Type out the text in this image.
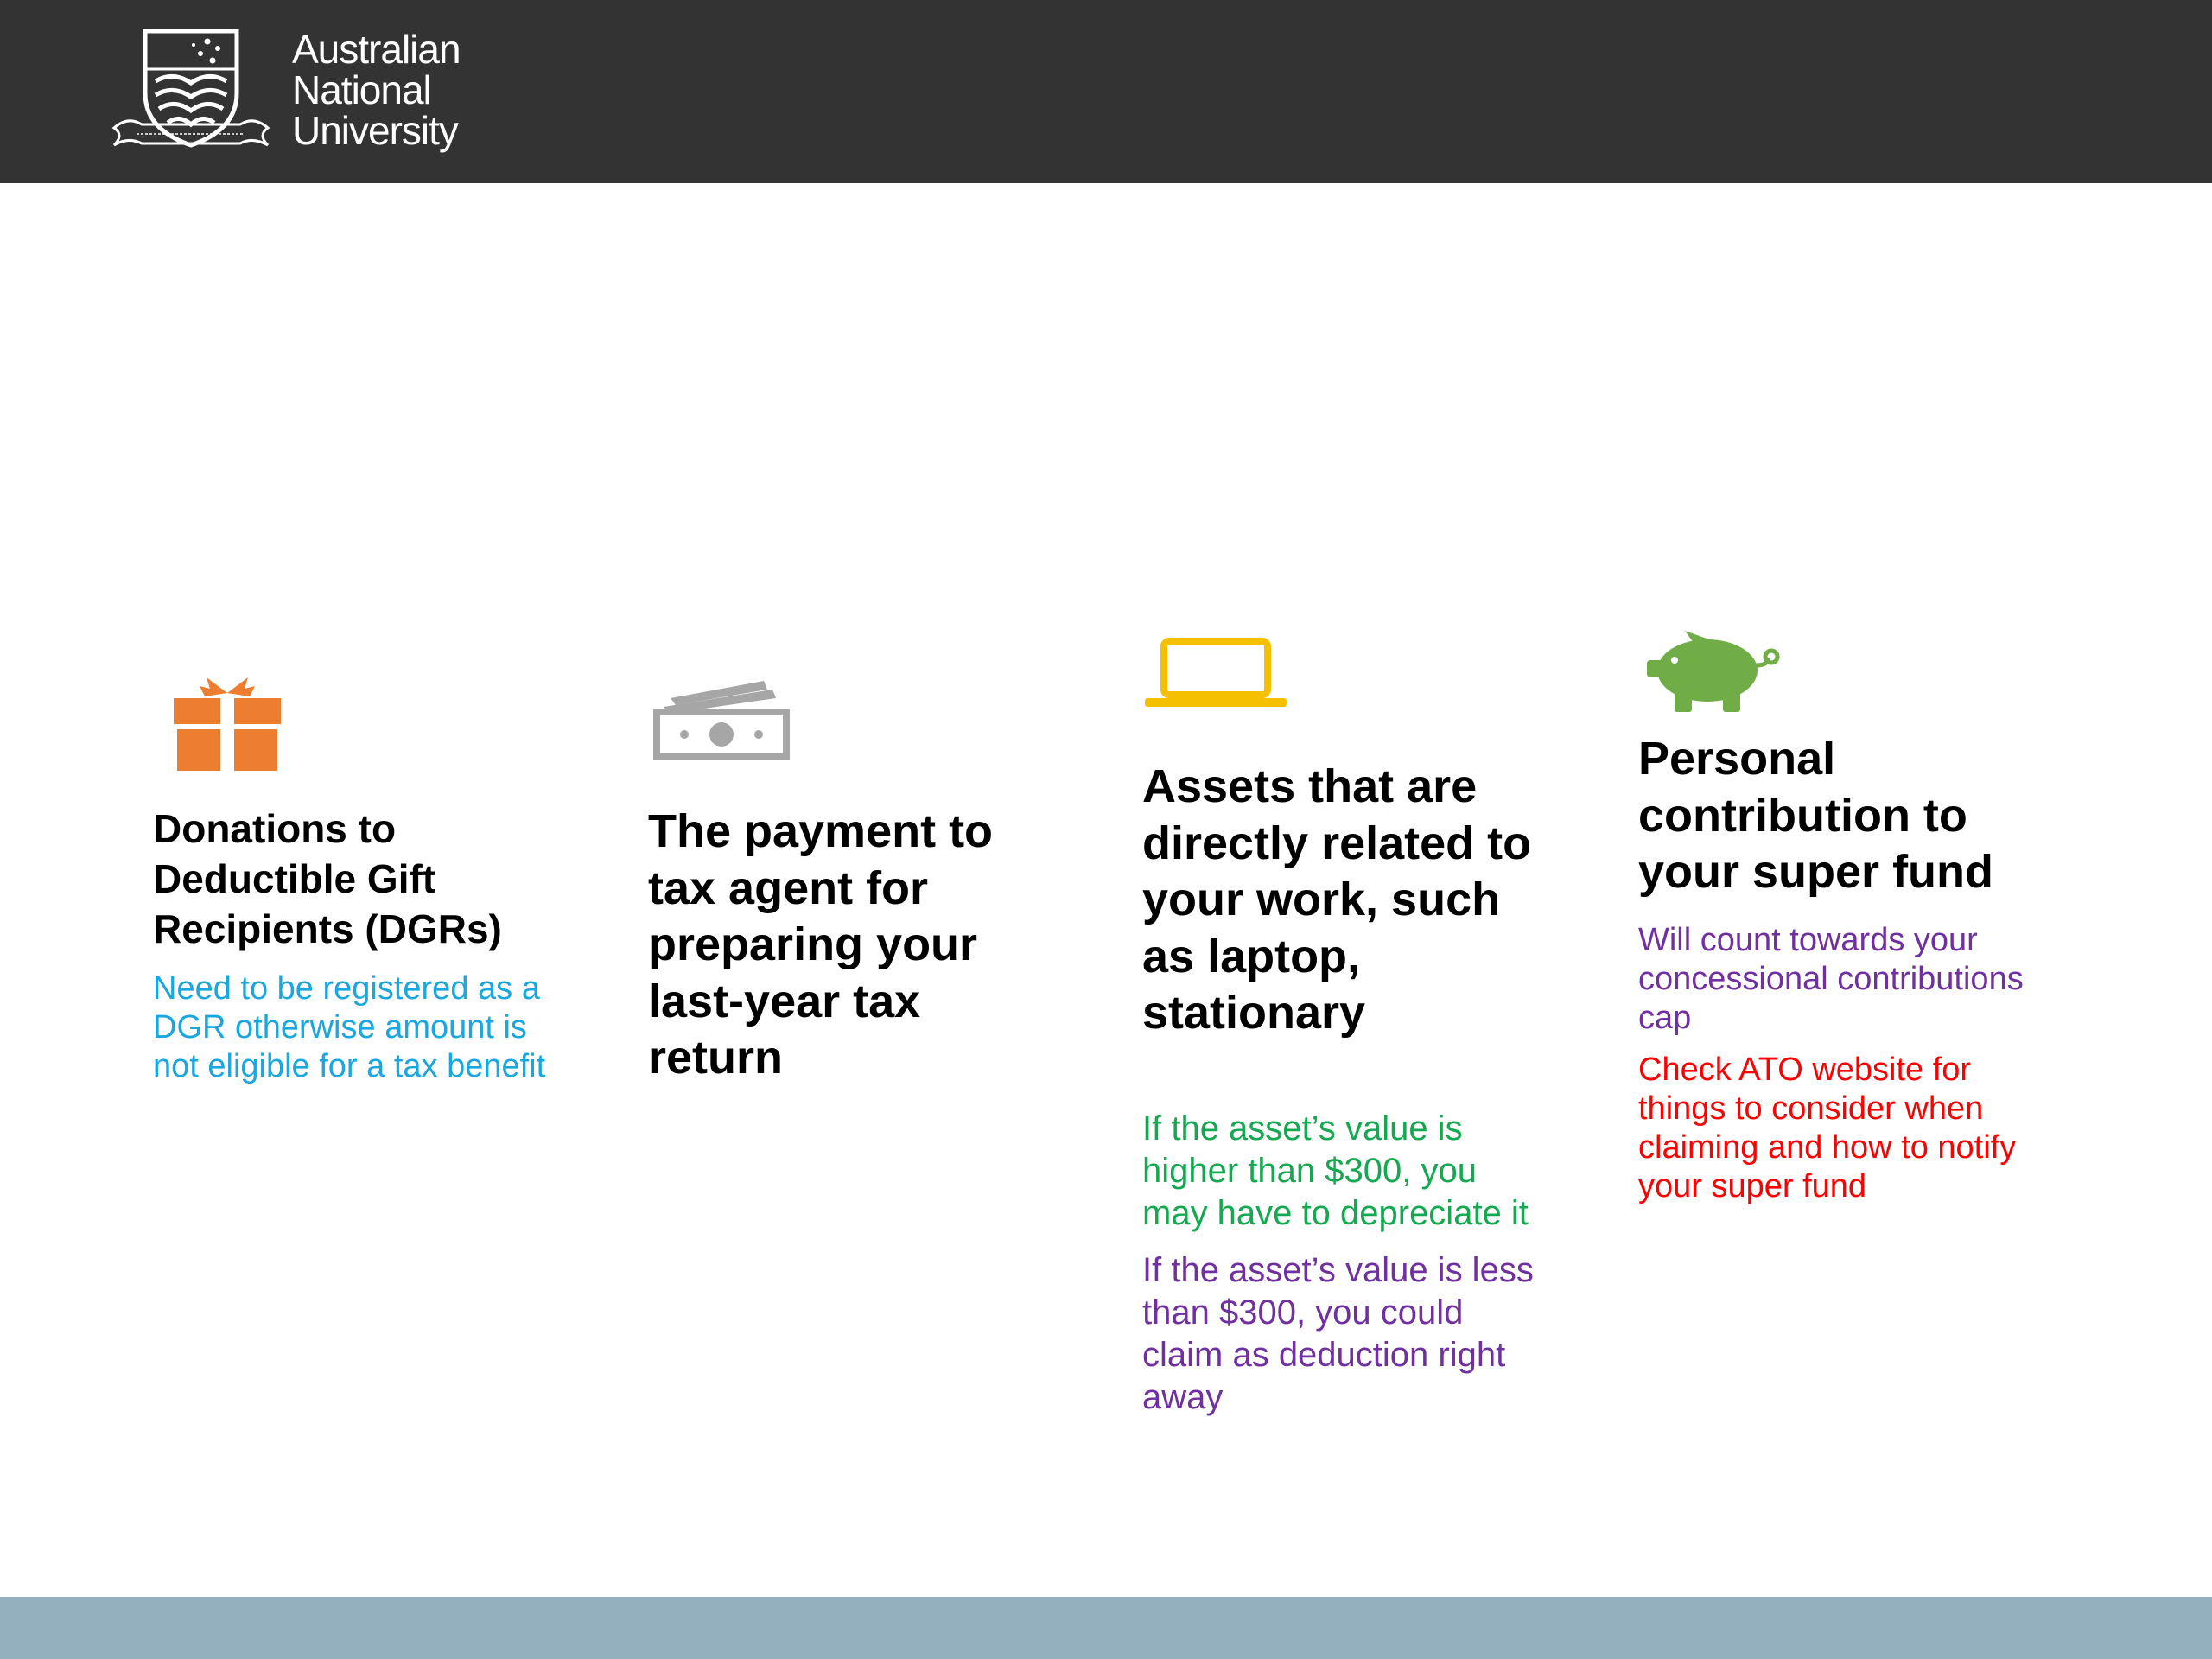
Australian
National
University
Donations to
Deductible Gift
Recipients (DGRs)
Need to be registered as a
DGR otherwise amount is
not eligible for a tax benefit
The payment to
tax agent for
preparing your
last-year tax
return
Assets that are
directly related to
your work, such
as laptop,
stationary
If the asset’s value is
higher than $300, you
may have to depreciate it
If the asset’s value is less
than $300, you could
claim as deduction right
away
Personal
contribution to
your super fund
Will count towards your
concessional contributions
cap
Check ATO website for
things to consider when
claiming and how to notify
your super fund
